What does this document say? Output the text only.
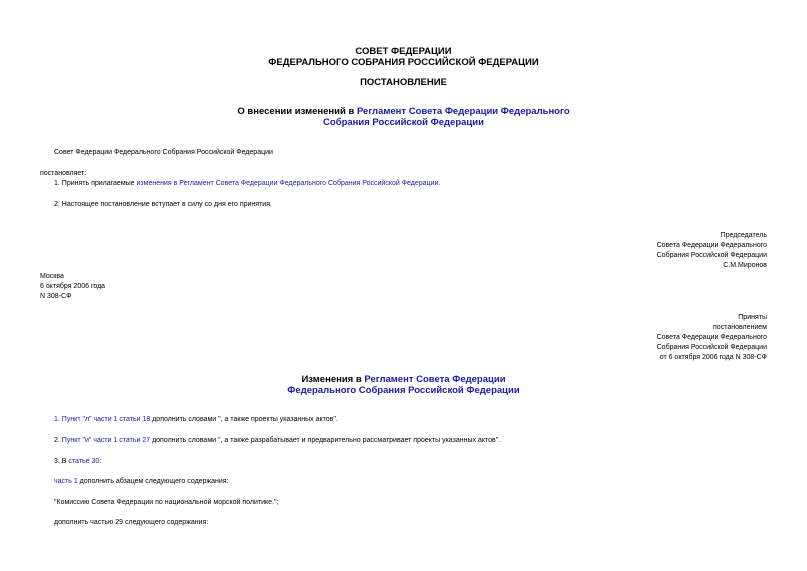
СОВЕТ ФЕДЕРАЦИИ
ФЕДЕРАЛЬНОГО СОБРАНИЯ РОССИЙСКОЙ ФЕДЕРАЦИИ
ПОСТАНОВЛЕНИЕ
О внесении изменений в Регламент Совета Федерации Федерального
Собрания Российской Федерации
Совет Федерации Федерального Собрания Российской Федерации
постановляет:
1. Принять прилагаемые изменения в Регламент Совета Федерации Федерального Собрания Российской Федерации.
2. Настоящее постановление вступает в силу со дня его принятия.
Председатель
Совета Федерации Федерального
Собрания Российской Федерации
С.М.Миронов
Москва
6 октября 2006 года
N 308-СФ
Приняты
постановлением
Совета Федерации Федерального
Собрания Российской Федерации
от 6 октября 2006 года N 308-СФ
Изменения в Регламент Совета Федерации
Федерального Собрания Российской Федерации
1. Пункт "л" части 1 статьи 18 дополнить словами ", а также проекты указанных актов".
2. Пункт "и" части 1 статьи 27 дополнить словами ", а также разрабатывает и предварительно рассматривает проекты указанных актов".
3. В статье 30:
часть 1 дополнить абзацем следующего содержания:
"Комиссию Совета Федерации по национальной морской политике.";
дополнить частью 29 следующего содержания:
